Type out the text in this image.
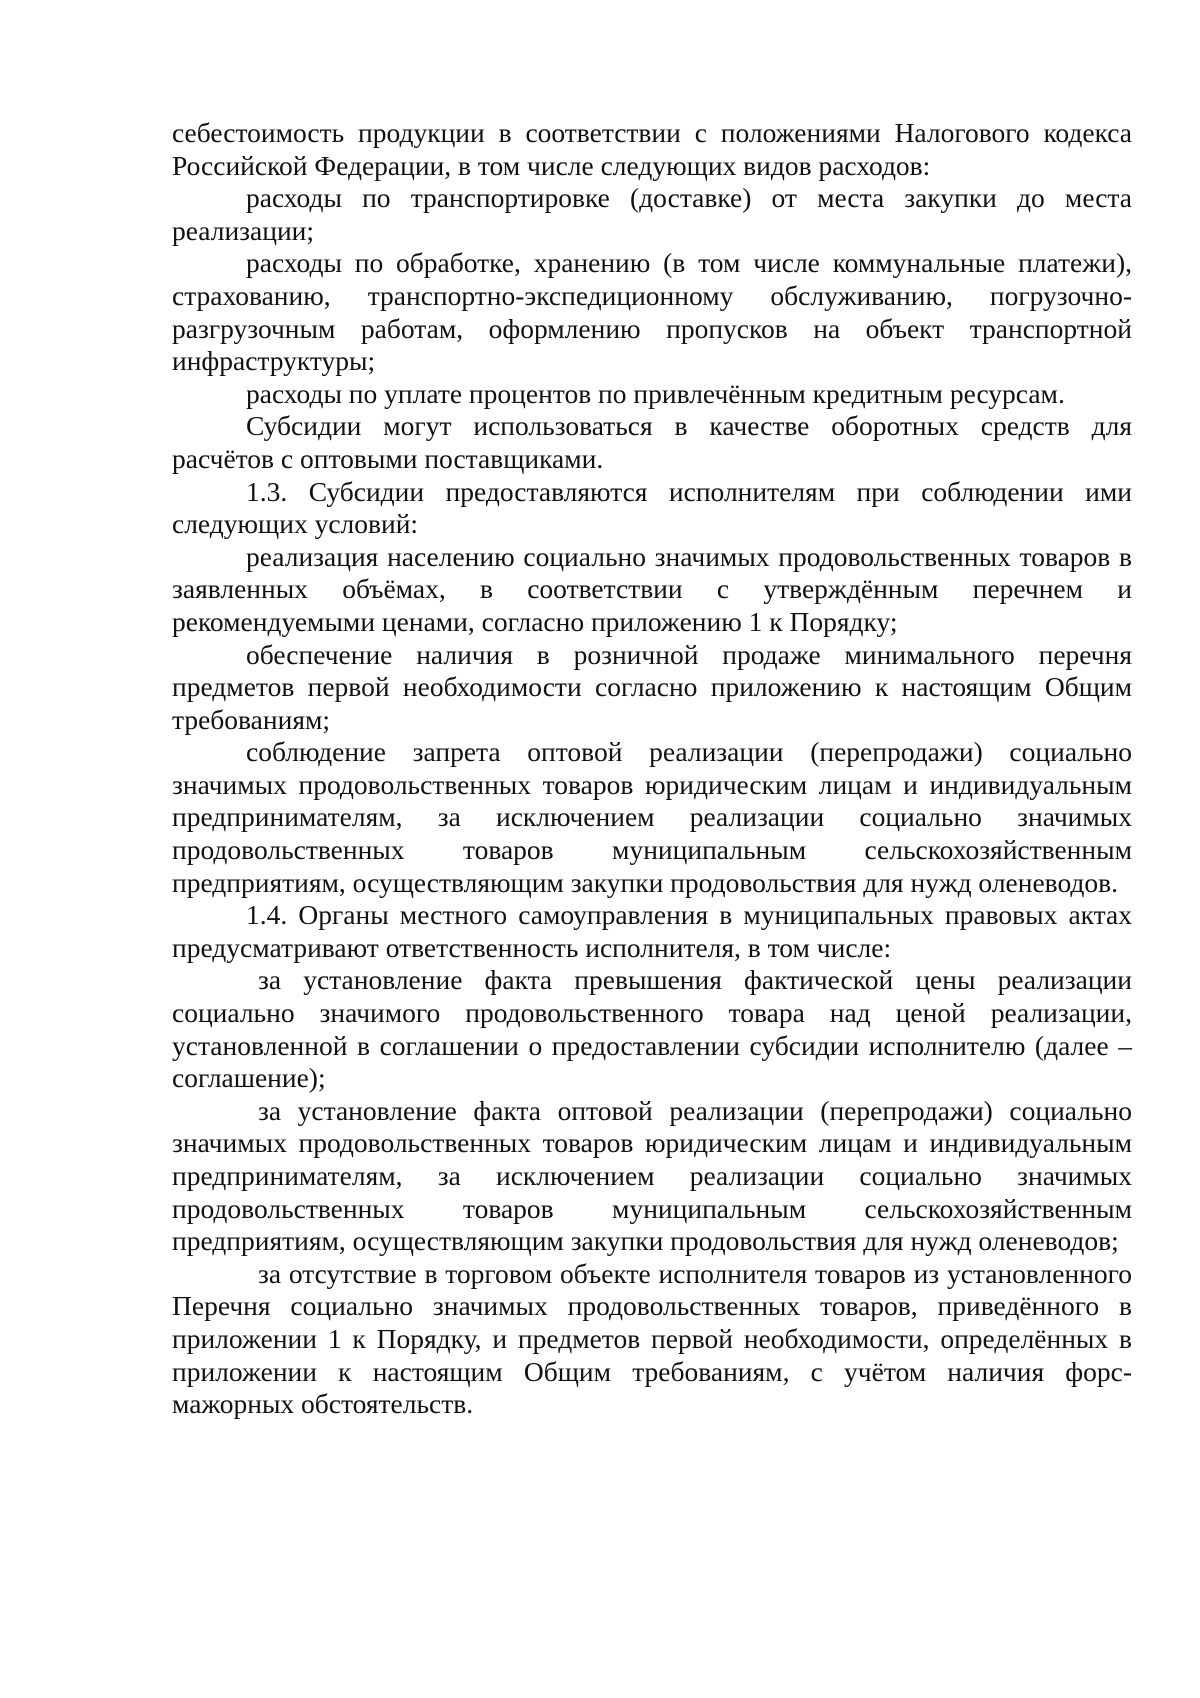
себестоимость продукции в соответствии с положениями Налогового кодекса Российской Федерации, в том числе следующих видов расходов:

расходы по транспортировке (доставке) от места закупки до места реализации;

расходы по обработке, хранению (в том числе коммунальные платежи), страхованию, транспортно-экспедиционному обслуживанию, погрузочно-разгрузочным работам, оформлению пропусков на объект транспортной инфраструктуры;

расходы по уплате процентов по привлечённым кредитным ресурсам.

Субсидии могут использоваться в качестве оборотных средств для расчётов с оптовыми поставщиками.

1.3. Субсидии предоставляются исполнителям при соблюдении ими следующих условий:

реализация населению социально значимых продовольственных товаров в заявленных объёмах, в соответствии с утверждённым перечнем и рекомендуемыми ценами, согласно приложению 1 к Порядку;

обеспечение наличия в розничной продаже минимального перечня предметов первой необходимости согласно приложению к настоящим Общим требованиям;

соблюдение запрета оптовой реализации (перепродажи) социально значимых продовольственных товаров юридическим лицам и индивидуальным предпринимателям, за исключением реализации социально значимых продовольственных товаров муниципальным сельскохозяйственным предприятиям, осуществляющим закупки продовольствия для нужд оленеводов.

1.4. Органы местного самоуправления в муниципальных правовых актах предусматривают ответственность исполнителя, в том числе:

за установление факта превышения фактической цены реализации социально значимого продовольственного товара над ценой реализации, установленной в соглашении о предоставлении субсидии исполнителю (далее – соглашение);

за установление факта оптовой реализации (перепродажи) социально значимых продовольственных товаров юридическим лицам и индивидуальным предпринимателям, за исключением реализации социально значимых продовольственных товаров муниципальным сельскохозяйственным предприятиям, осуществляющим закупки продовольствия для нужд оленеводов;

за отсутствие в торговом объекте исполнителя товаров из установленного Перечня социально значимых продовольственных товаров, приведённого в приложении 1 к Порядку, и предметов первой необходимости, определённых в приложении к настоящим Общим требованиям, с учётом наличия форс-мажорных обстоятельств.
